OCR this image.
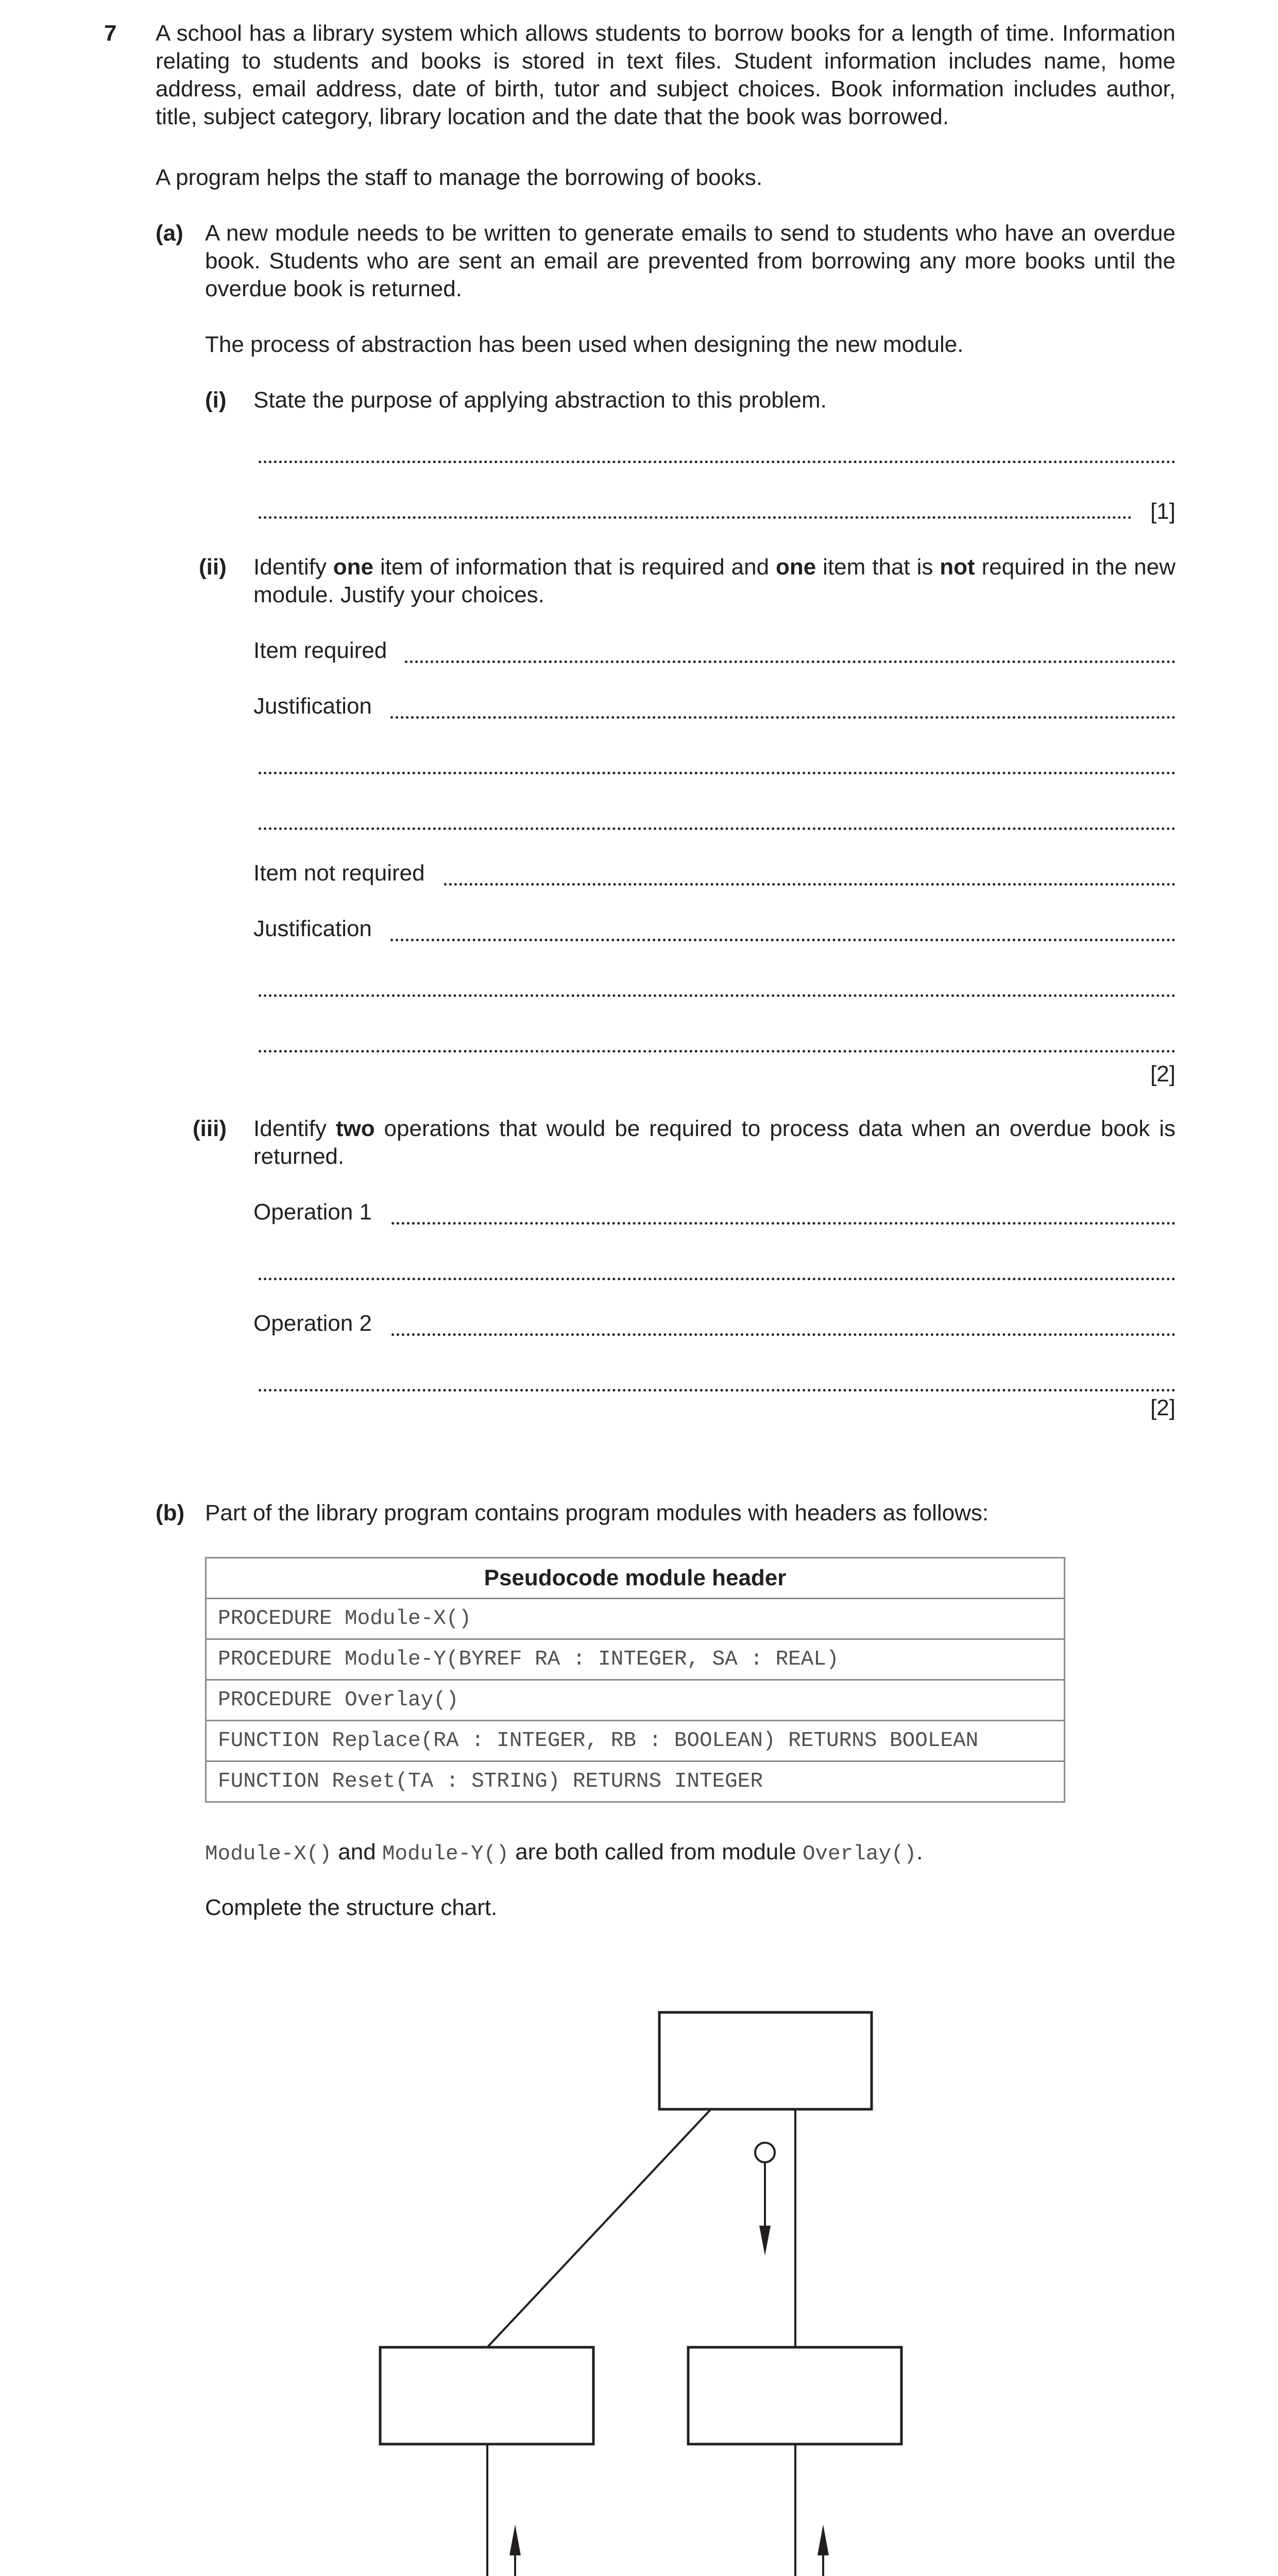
7 A school has a library system which allows students to borrow books for a length of time. Information relating to students and books is stored in text files. Student information includes name, home address, email address, date of birth, tutor and subject choices. Book information includes author, title, subject category, library location and the date that the book was borrowed.
A program helps the staff to manage the borrowing of books.
(a) A new module needs to be written to generate emails to send to students who have an overdue book. Students who are sent an email are prevented from borrowing any more books until the overdue book is returned.
The process of abstraction has been used when designing the new module.
(i) State the purpose of applying abstraction to this problem.
[1]
(ii) Identify one item of information that is required and one item that is not required in the new module. Justify your choices.
Item required
Justification
Item not required
Justification
[2]
(iii) Identify two operations that would be required to process data when an overdue book is returned.
Operation 1
Operation 2
[2]
(b) Part of the library program contains program modules with headers as follows:
Pseudocode module header
PROCEDURE Module-X()
PROCEDURE Module-Y(BYREF RA : INTEGER, SA : REAL)
PROCEDURE Overlay()
FUNCTION Replace(RA : INTEGER, RB : BOOLEAN) RETURNS BOOLEAN
FUNCTION Reset(TA : STRING) RETURNS INTEGER
Module-X() and Module-Y() are both called from module Overlay().
Complete the structure chart.
